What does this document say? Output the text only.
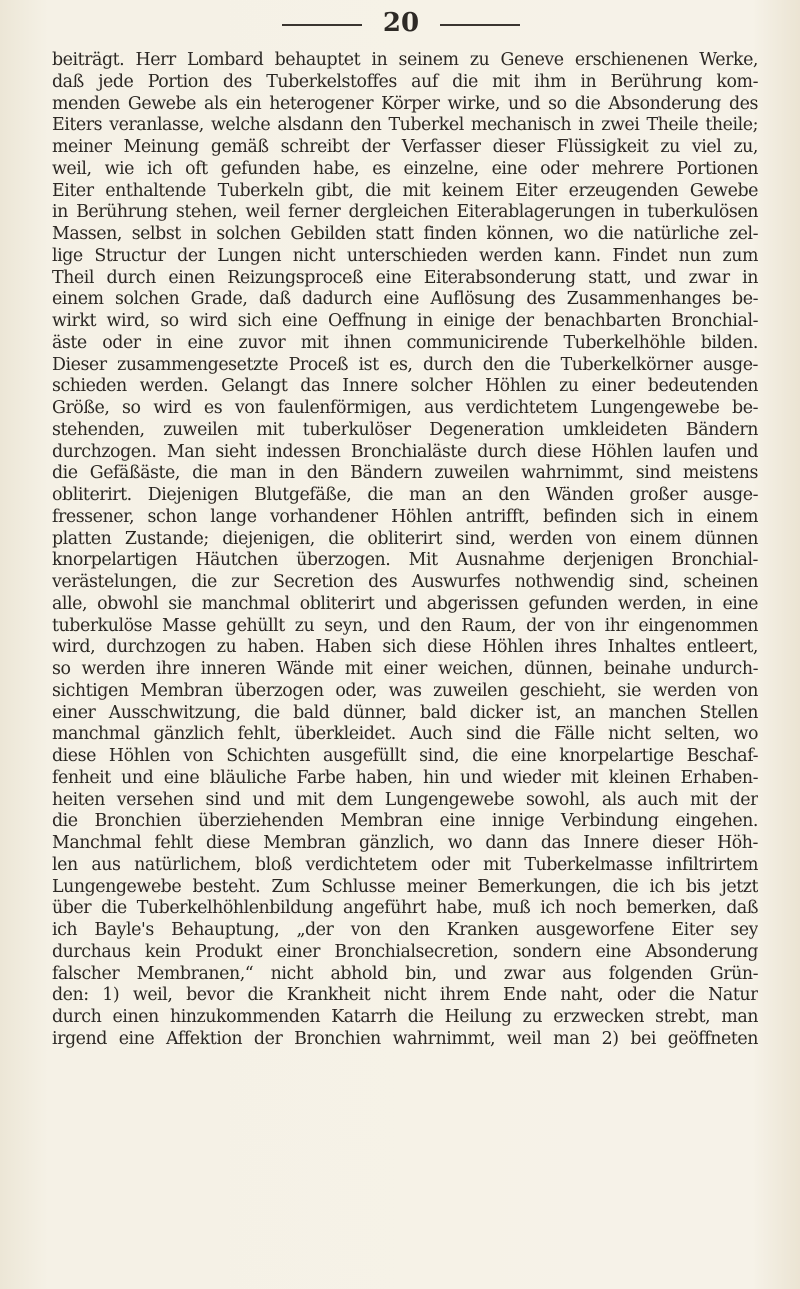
20
beiträgt. Herr Lombard behauptet in seinem zu Geneve erschienenen Werke,
daß jede Portion des Tuberkelstoffes auf die mit ihm in Berührung kom-
menden Gewebe als ein heterogener Körper wirke, und so die Absonderung des
Eiters veranlasse, welche alsdann den Tuberkel mechanisch in zwei Theile theile;
meiner Meinung gemäß schreibt der Verfasser dieser Flüssigkeit zu viel zu,
weil, wie ich oft gefunden habe, es einzelne, eine oder mehrere Portionen
Eiter enthaltende Tuberkeln gibt, die mit keinem Eiter erzeugenden Gewebe
in Berührung stehen, weil ferner dergleichen Eiterablagerungen in tuberkulösen
Massen, selbst in solchen Gebilden statt finden können, wo die natürliche zel-
lige Structur der Lungen nicht unterschieden werden kann. Findet nun zum
Theil durch einen Reizungsproceß eine Eiterabsonderung statt, und zwar in
einem solchen Grade, daß dadurch eine Auflösung des Zusammenhanges be-
wirkt wird, so wird sich eine Oeffnung in einige der benachbarten Bronchial-
äste oder in eine zuvor mit ihnen communicirende Tuberkelhöhle bilden.
Dieser zusammengesetzte Proceß ist es, durch den die Tuberkelkörner ausge-
schieden werden. Gelangt das Innere solcher Höhlen zu einer bedeutenden
Größe, so wird es von faulenförmigen, aus verdichtetem Lungengewebe be-
stehenden, zuweilen mit tuberkulöser Degeneration umkleideten Bändern
durchzogen. Man sieht indessen Bronchialäste durch diese Höhlen laufen und
die Gefäßäste, die man in den Bändern zuweilen wahrnimmt, sind meistens
obliterirt. Diejenigen Blutgefäße, die man an den Wänden großer ausge-
fressener, schon lange vorhandener Höhlen antrifft, befinden sich in einem
platten Zustande; diejenigen, die obliterirt sind, werden von einem dünnen
knorpelartigen Häutchen überzogen. Mit Ausnahme derjenigen Bronchial-
verästelungen, die zur Secretion des Auswurfes nothwendig sind, scheinen
alle, obwohl sie manchmal obliterirt und abgerissen gefunden werden, in eine
tuberkulöse Masse gehüllt zu seyn, und den Raum, der von ihr eingenommen
wird, durchzogen zu haben. Haben sich diese Höhlen ihres Inhaltes entleert,
so werden ihre inneren Wände mit einer weichen, dünnen, beinahe undurch-
sichtigen Membran überzogen oder, was zuweilen geschieht, sie werden von
einer Ausschwitzung, die bald dünner, bald dicker ist, an manchen Stellen
manchmal gänzlich fehlt, überkleidet. Auch sind die Fälle nicht selten, wo
diese Höhlen von Schichten ausgefüllt sind, die eine knorpelartige Beschaf-
fenheit und eine bläuliche Farbe haben, hin und wieder mit kleinen Erhaben-
heiten versehen sind und mit dem Lungengewebe sowohl, als auch mit der
die Bronchien überziehenden Membran eine innige Verbindung eingehen.
Manchmal fehlt diese Membran gänzlich, wo dann das Innere dieser Höh-
len aus natürlichem, bloß verdichtetem oder mit Tuberkelmasse infiltrirtem
Lungengewebe besteht. Zum Schlusse meiner Bemerkungen, die ich bis jetzt
über die Tuberkelhöhlenbildung angeführt habe, muß ich noch bemerken, daß
ich Bayle's Behauptung, „der von den Kranken ausgeworfene Eiter sey
durchaus kein Produkt einer Bronchialsecretion, sondern eine Absonderung
falscher Membranen,“ nicht abhold bin, und zwar aus folgenden Grün-
den: 1) weil, bevor die Krankheit nicht ihrem Ende naht, oder die Natur
durch einen hinzukommenden Katarrh die Heilung zu erzwecken strebt, man
irgend eine Affektion der Bronchien wahrnimmt, weil man 2) bei geöffneten
